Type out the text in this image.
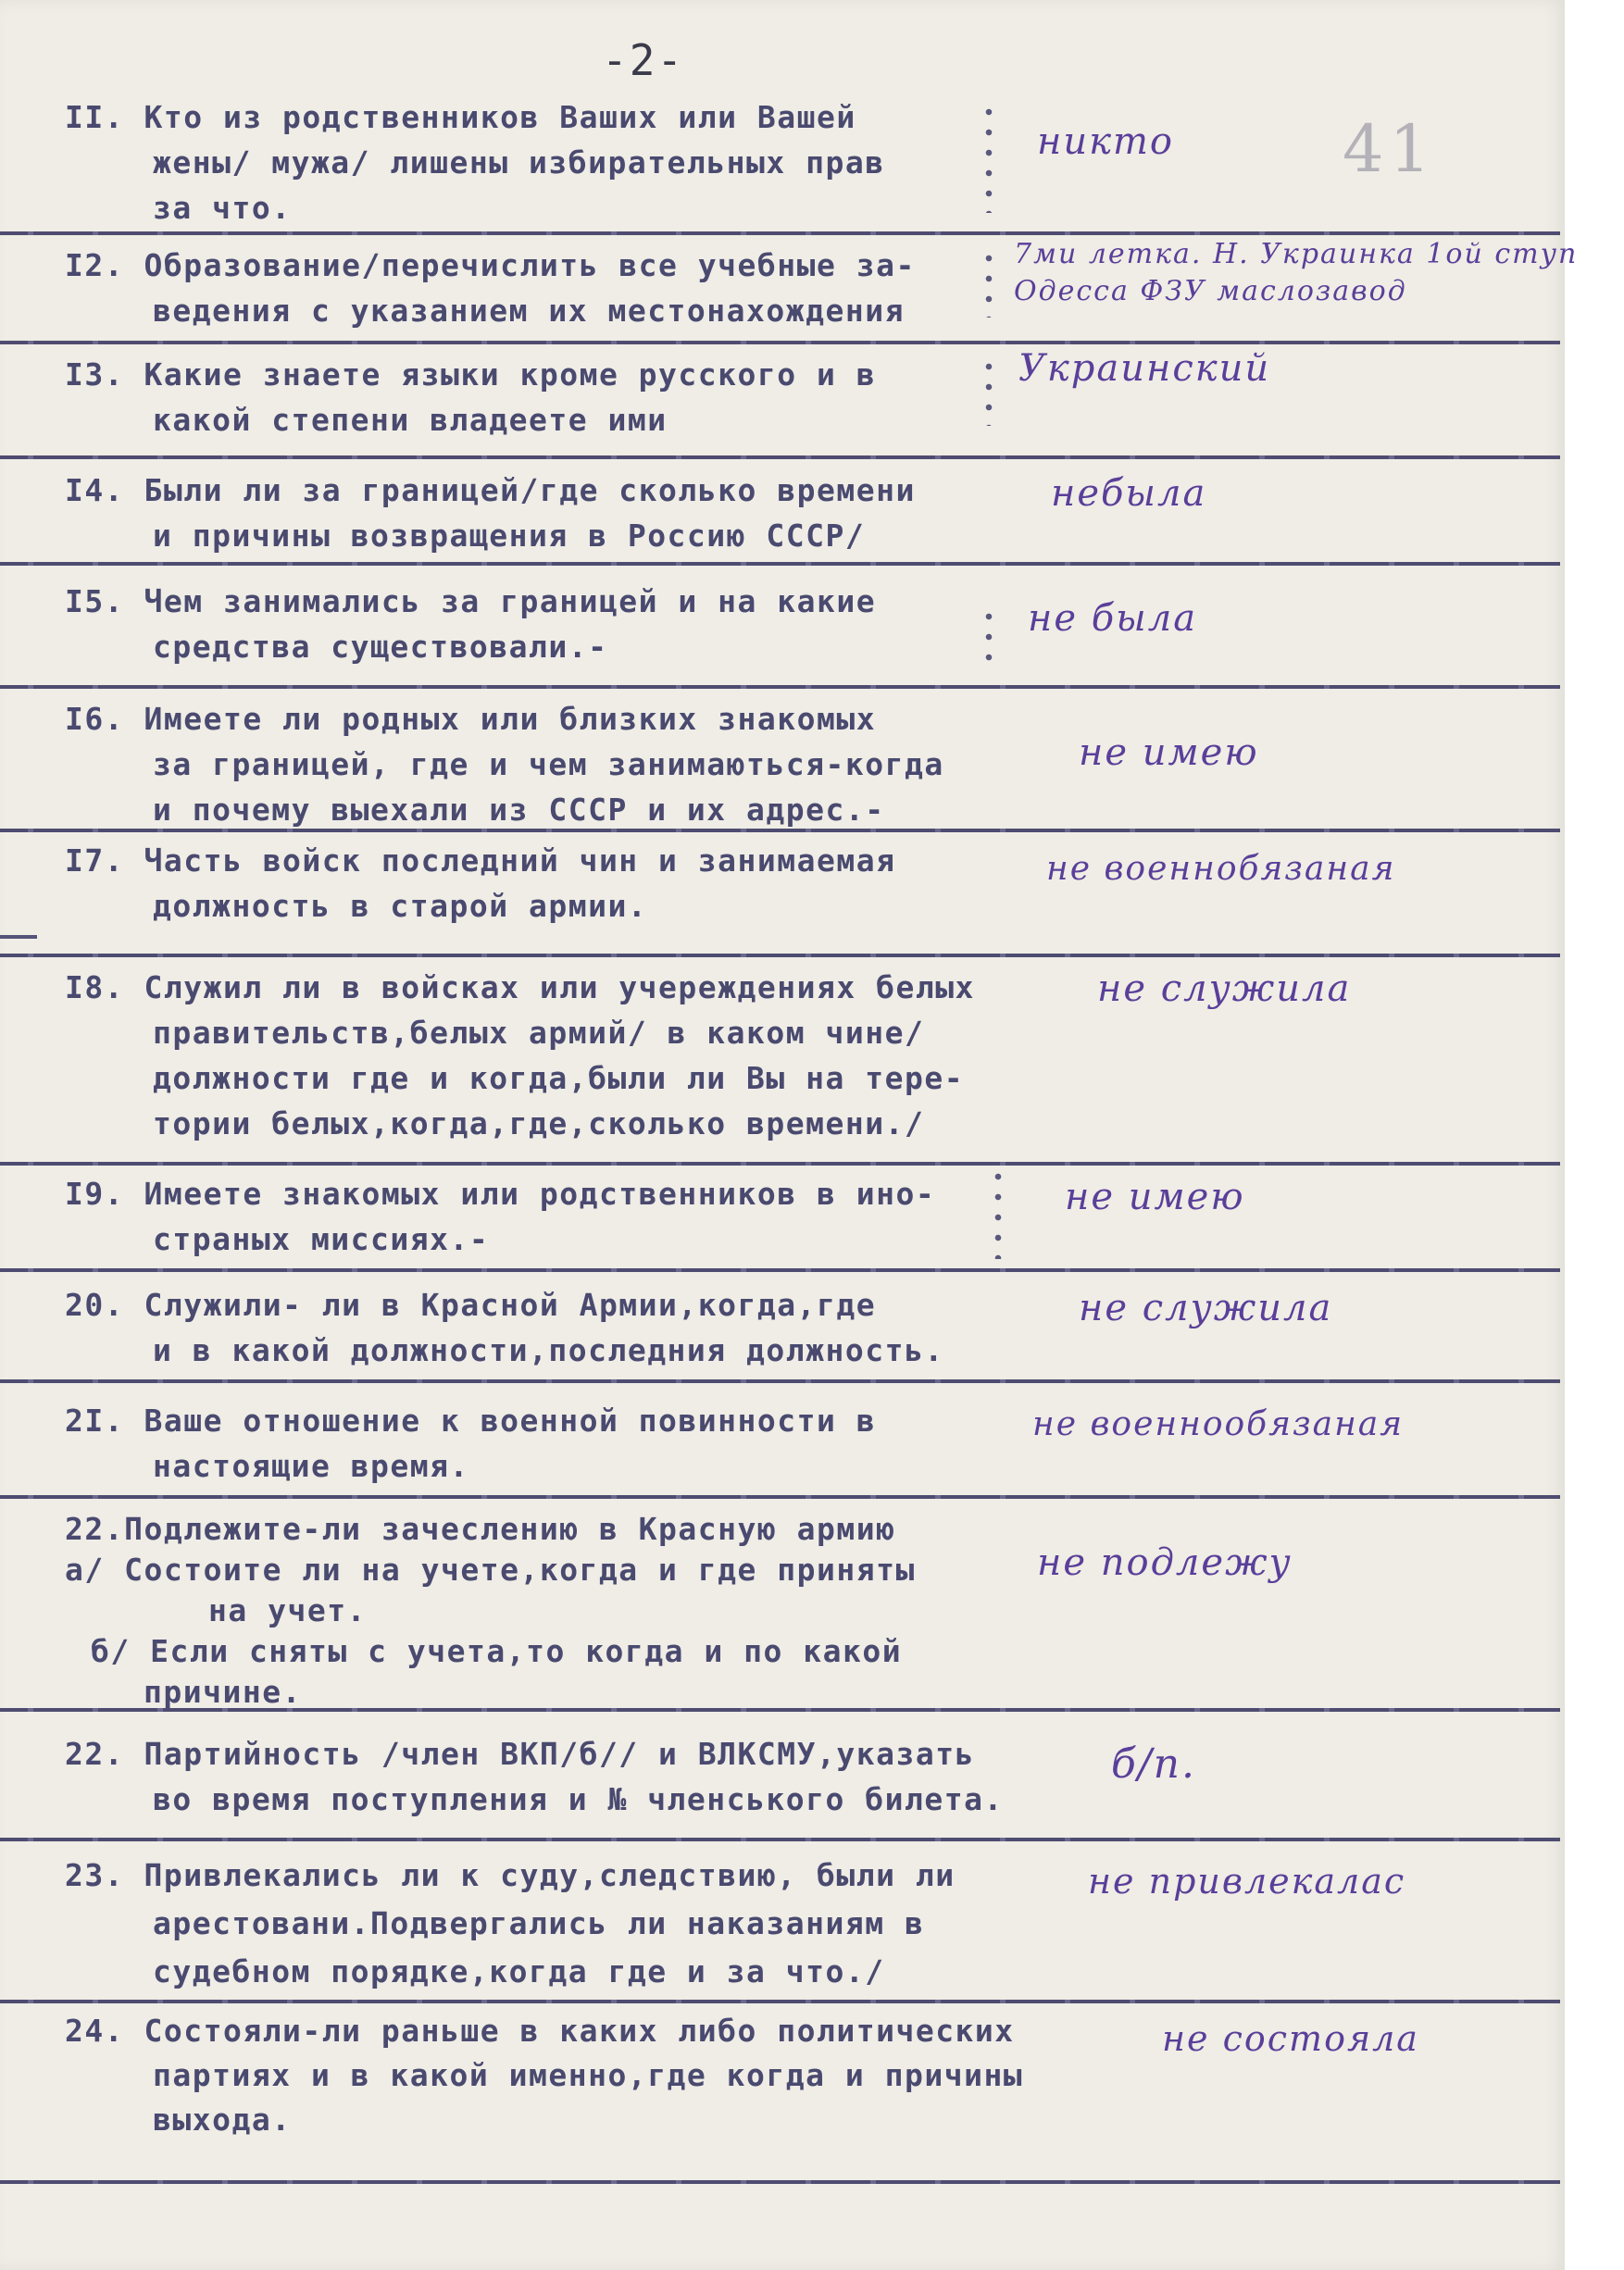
-2-
41
II. Кто из родственников Ваших или Вашей
жены/ мужа/ лишены избирательных прав
за что.
никто
I2. Образование/перечислить все учебные за-
ведения с указанием их местонахождения
7ми летка. Н. Украинка 1ой ступ
Одесса ФЗУ маслозавод
I3. Какие знаете языки кроме русского и в
какой степени владеете ими
Украинский
I4. Были ли за границей/где сколько времени
и причины возвращения в Россию СССР/
небыла
I5. Чем занимались за границей и на какие
средства существовали.-
не была
I6. Имеете ли родных или близких знакомых
за границей, где и чем занимаються-когда
и почему выехали из СССР и их адрес.-
не имею
I7. Часть войск последний чин и занимаемая
должность в старой армии.
не военнобязаная
I8. Служил ли в войсках или учереждениях белых
правительств,белых армий/ в каком чине/
должности где и когда,были ли Вы на тере-
тории белых,когда,где,сколько времени./
не служила
I9. Имеете знакомых или родственников в ино-
страных миссиях.-
не имею
20. Служили- ли в Красной Армии,когда,где
и в какой должности,последния должность.
не служила
2I. Ваше отношение к военной повинности в
настоящие время.
не военнообязаная
22.Подлежите-ли зачеслению в Красную армию
а/ Состоите ли на учете,когда и где приняты
на учет.
б/ Если сняты с учета,то когда и по какой
причине.
не подлежу
22. Партийность /член ВКП/б// и ВЛКСМУ,указать
во время поступления и № членського билета.
б/п.
23. Привлекались ли к суду,следствию, были ли
арестовани.Подвергались ли наказаниям в
судебном порядке,когда где и за что./
не привлекалас
24. Состояли-ли раньше в каких либо политических
партиях и в какой именно,где когда и причины
выхода.
не состояла
